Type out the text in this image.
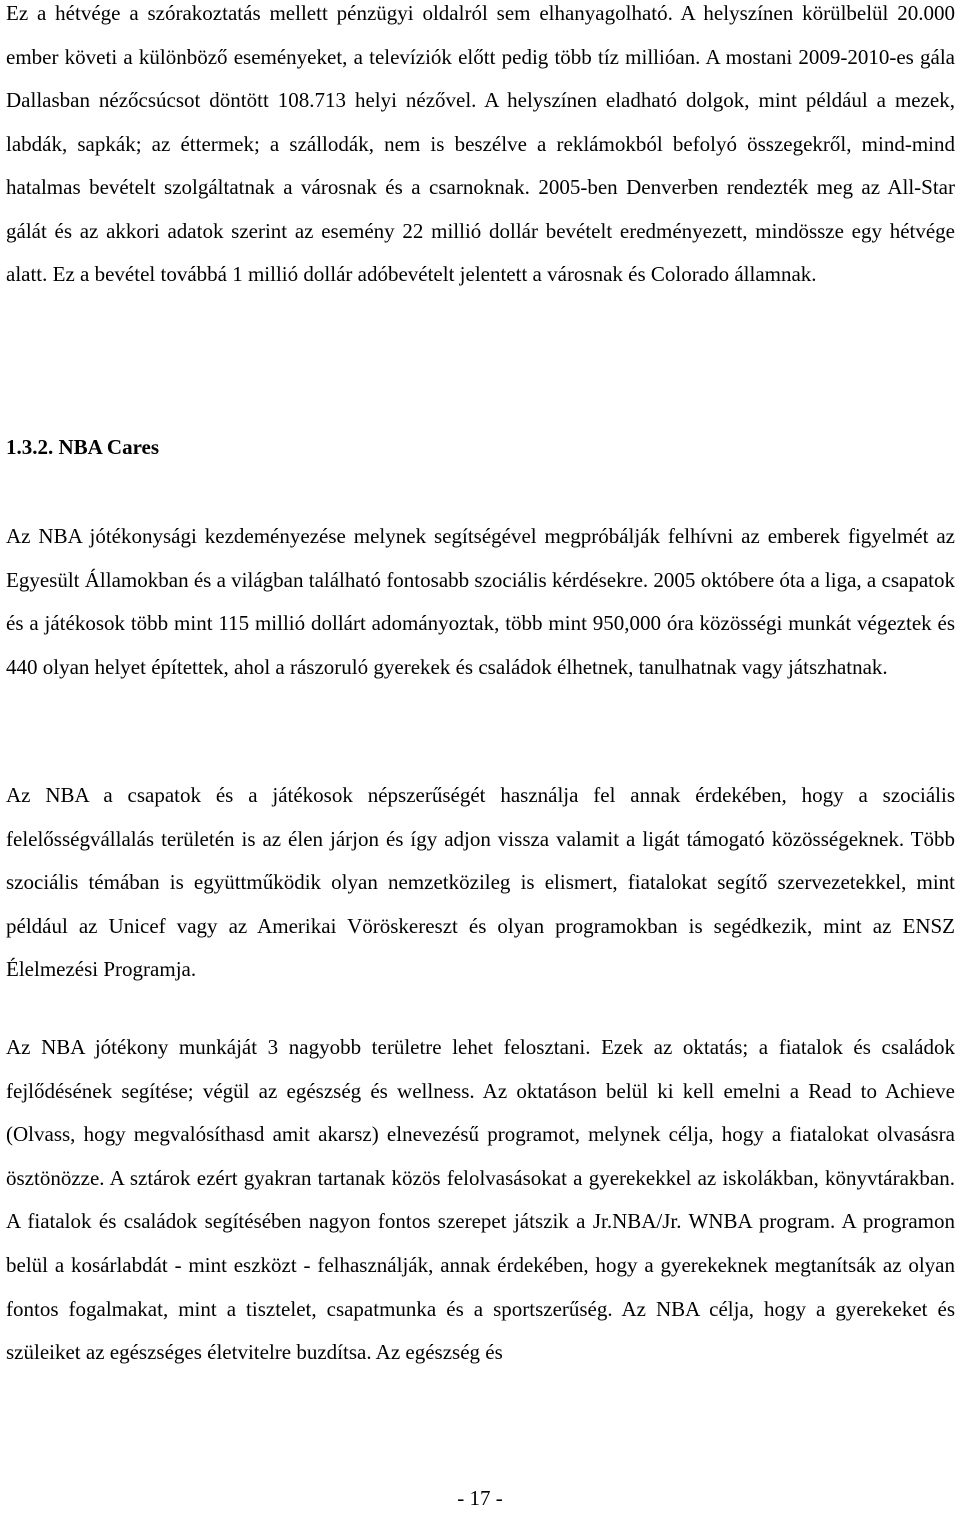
Ez a hétvége a szórakoztatás mellett pénzügyi oldalról sem elhanyagolható. A helyszínen körülbelül 20.000 ember követi a különböző eseményeket, a televíziók előtt pedig több tíz millióan. A mostani 2009-2010-es gála Dallasban nézőcsúcsot döntött 108.713 helyi nézővel. A helyszínen eladható dolgok, mint például a mezek, labdák, sapkák; az éttermek; a szállodák, nem is beszélve a reklámokból befolyó összegekről, mind-mind hatalmas bevételt szolgáltatnak a városnak és a csarnoknak. 2005-ben Denverben rendezték meg az All-Star gálát és az akkori adatok szerint az esemény 22 millió dollár bevételt eredményezett, mindössze egy hétvége alatt. Ez a bevétel továbbá 1 millió dollár adóbevételt jelentett a városnak és Colorado államnak.

1.3.2. NBA Cares

Az NBA jótékonysági kezdeményezése melynek segítségével megpróbálják felhívni az emberek figyelmét az Egyesült Államokban és a világban található fontosabb szociális kérdésekre. 2005 októbere óta a liga, a csapatok és a játékosok több mint 115 millió dollárt adományoztak, több mint 950,000 óra közösségi munkát végeztek és 440 olyan helyet építettek, ahol a rászoruló gyerekek és családok élhetnek, tanulhatnak vagy játszhatnak.

Az NBA a csapatok és a játékosok népszerűségét használja fel annak érdekében, hogy a szociális felelősségvállalás területén is az élen járjon és így adjon vissza valamit a ligát támogató közösségeknek. Több szociális témában is együttműködik olyan nemzetközileg is elismert, fiatalokat segítő szervezetekkel, mint például az Unicef vagy az Amerikai Vöröskereszt és olyan programokban is segédkezik, mint az ENSZ Élelmezési Programja.

Az NBA jótékony munkáját 3 nagyobb területre lehet felosztani. Ezek az oktatás; a fiatalok és családok fejlődésének segítése; végül az egészség és wellness. Az oktatáson belül ki kell emelni a Read to Achieve (Olvass, hogy megvalósíthasd amit akarsz) elnevezésű programot, melynek célja, hogy a fiatalokat olvasásra ösztönözze. A sztárok ezért gyakran tartanak közös felolvasásokat a gyerekekkel az iskolákban, könyvtárakban. A fiatalok és családok segítésében nagyon fontos szerepet játszik a Jr.NBA/Jr. WNBA program. A programon belül a kosárlabdát - mint eszközt - felhasználják, annak érdekében, hogy a gyerekeknek megtanítsák az olyan fontos fogalmakat, mint a tisztelet, csapatmunka és a sportszerűség. Az NBA célja, hogy a gyerekeket és szüleiket az egészséges életvitelre buzdítsa. Az egészség és

- 17 -
